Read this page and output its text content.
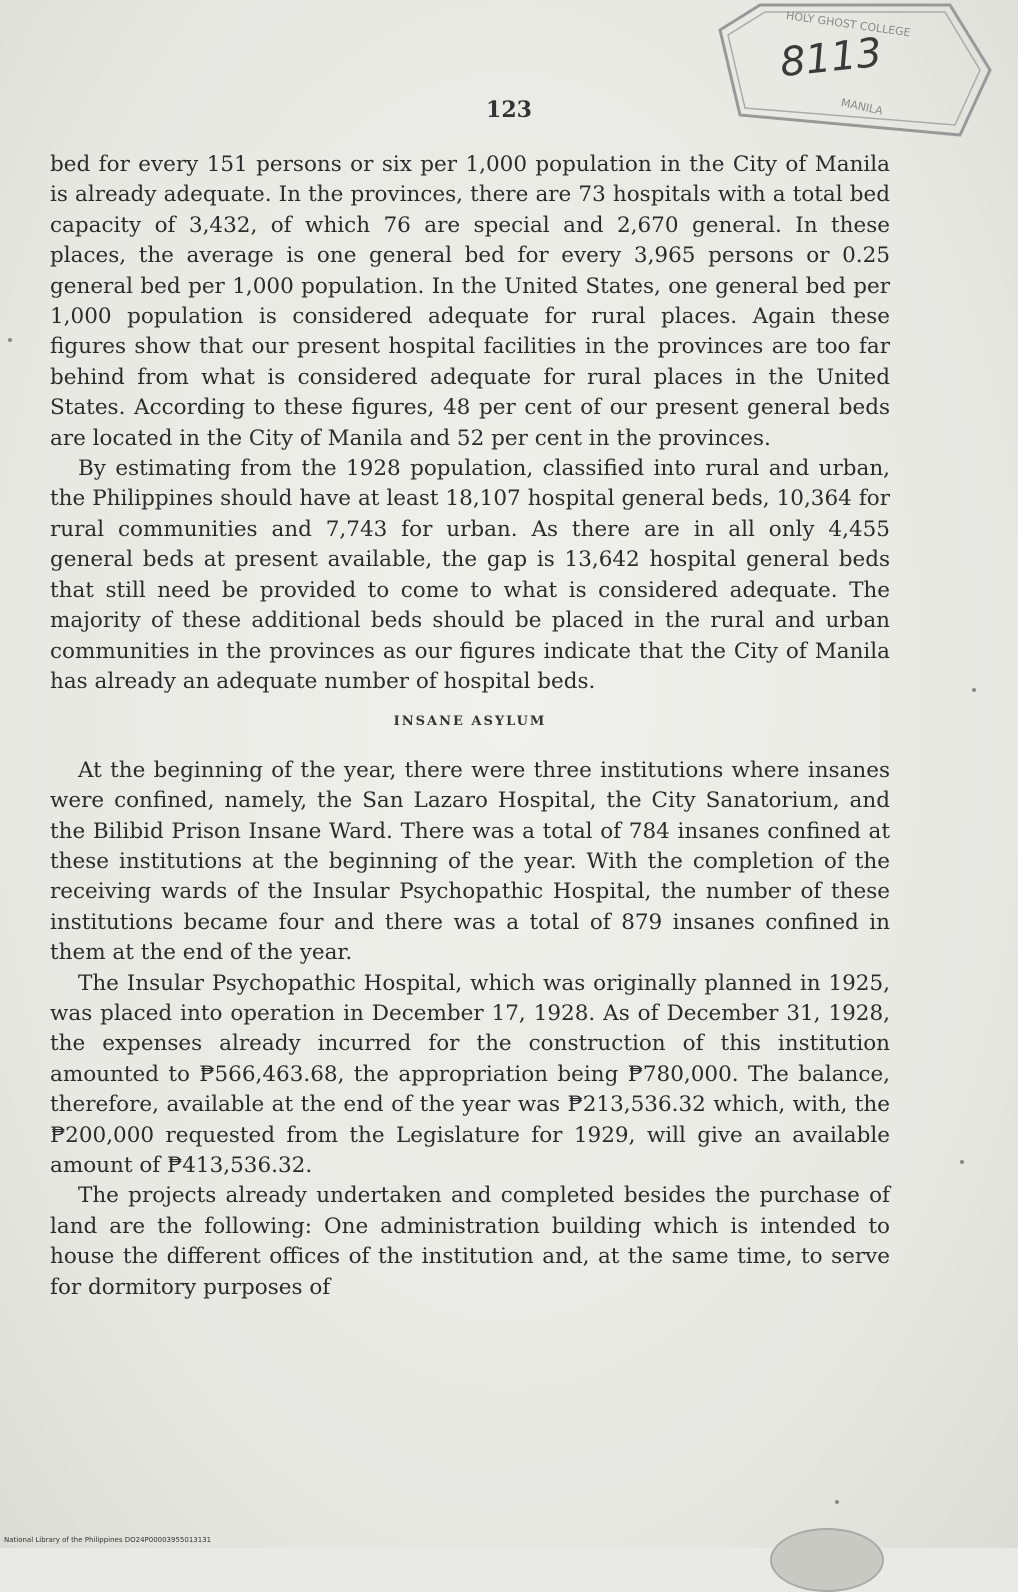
HOLY GHOST COLLEGE
MANILA
8113
123

bed for every 151 persons or six per 1,000 population in the City of Manila is already adequate. In the provinces, there are 73 hospitals with a total bed capacity of 3,432, of which 76 are special and 2,670 general. In these places, the average is one general bed for every 3,965 persons or 0.25 general bed per 1,000 population. In the United States, one general bed per 1,000 population is considered adequate for rural places. Again these figures show that our present hospital facilities in the provinces are too far behind from what is considered adequate for rural places in the United States. According to these figures, 48 per cent of our present general beds are located in the City of Manila and 52 per cent in the provinces.

By estimating from the 1928 population, classified into rural and urban, the Philippines should have at least 18,107 hospital general beds, 10,364 for rural communities and 7,743 for urban. As there are in all only 4,455 general beds at present available, the gap is 13,642 hospital general beds that still need be provided to come to what is considered adequate. The majority of these additional beds should be placed in the rural and urban communities in the provinces as our figures indicate that the City of Manila has already an adequate number of hospital beds.

INSANE ASYLUM

At the beginning of the year, there were three institutions where insanes were confined, namely, the San Lazaro Hospital, the City Sanatorium, and the Bilibid Prison Insane Ward. There was a total of 784 insanes confined at these institutions at the beginning of the year. With the completion of the receiving wards of the Insular Psychopathic Hospital, the number of these institutions became four and there was a total of 879 insanes confined in them at the end of the year.

The Insular Psychopathic Hospital, which was originally planned in 1925, was placed into operation in December 17, 1928. As of December 31, 1928, the expenses already incurred for the construction of this institution amounted to ₱566,463.68, the appropriation being ₱780,000. The balance, therefore, available at the end of the year was ₱213,536.32 which, with, the ₱200,000 requested from the Legislature for 1929, will give an available amount of ₱413,536.32.

The projects already undertaken and completed besides the purchase of land are the following: One administration building which is intended to house the different offices of the institution and, at the same time, to serve for dormitory purposes of

National Library of the Philippines DO24P00003955013131
